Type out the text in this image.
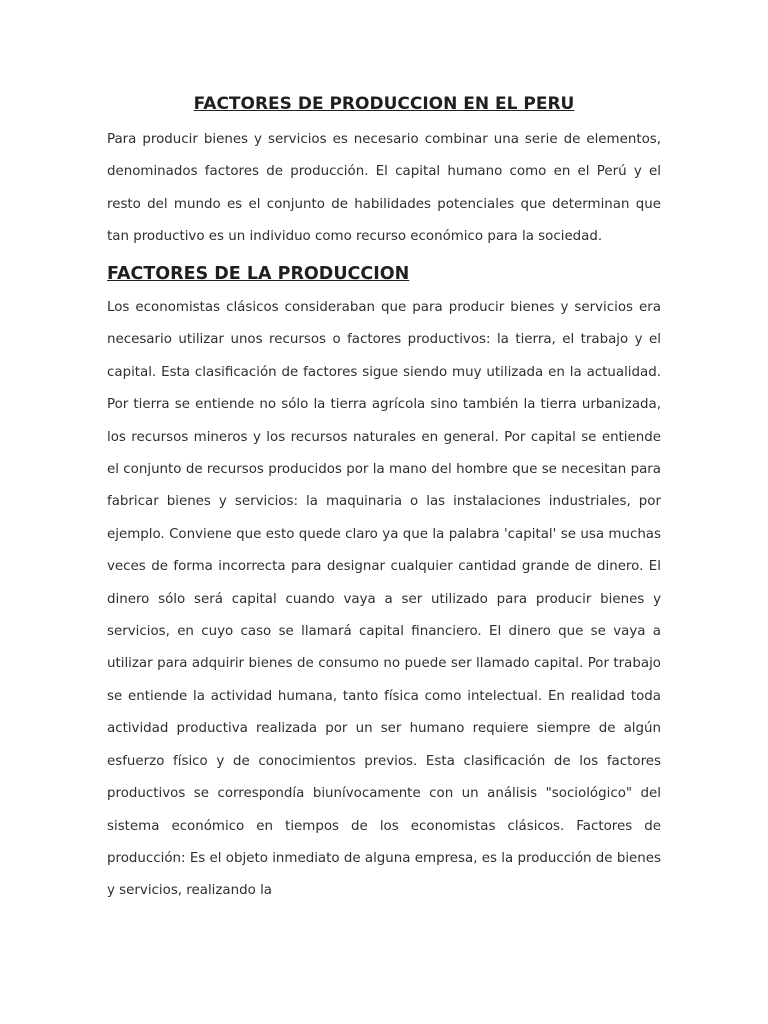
FACTORES DE PRODUCCION EN EL PERU

Para producir bienes y servicios es necesario combinar una serie de elementos, denominados factores de producción. El capital humano como en el Perú y el resto del mundo es el conjunto de habilidades potenciales que determinan que tan productivo es un individuo como recurso económico para la sociedad.

FACTORES DE LA PRODUCCION

Los economistas clásicos consideraban que para producir bienes y servicios era necesario utilizar unos recursos o factores productivos: la tierra, el trabajo y el capital. Esta clasificación de factores sigue siendo muy utilizada en la actualidad. Por tierra se entiende no sólo la tierra agrícola sino también la tierra urbanizada, los recursos mineros y los recursos naturales en general. Por capital se entiende el conjunto de recursos producidos por la mano del hombre que se necesitan para fabricar bienes y servicios: la maquinaria o las instalaciones industriales, por ejemplo. Conviene que esto quede claro ya que la palabra 'capital' se usa muchas veces de forma incorrecta para designar cualquier cantidad grande de dinero. El dinero sólo será capital cuando vaya a ser utilizado para producir bienes y servicios, en cuyo caso se llamará capital financiero. El dinero que se vaya a utilizar para adquirir bienes de consumo no puede ser llamado capital. Por trabajo se entiende la actividad humana, tanto física como intelectual. En realidad toda actividad productiva realizada por un ser humano requiere siempre de algún esfuerzo físico y de conocimientos previos. Esta clasificación de los factores productivos se correspondía biunívocamente con un análisis "sociológico" del sistema económico en tiempos de los economistas clásicos. Factores de producción: Es el objeto inmediato de alguna empresa, es la producción de bienes y servicios, realizando la
